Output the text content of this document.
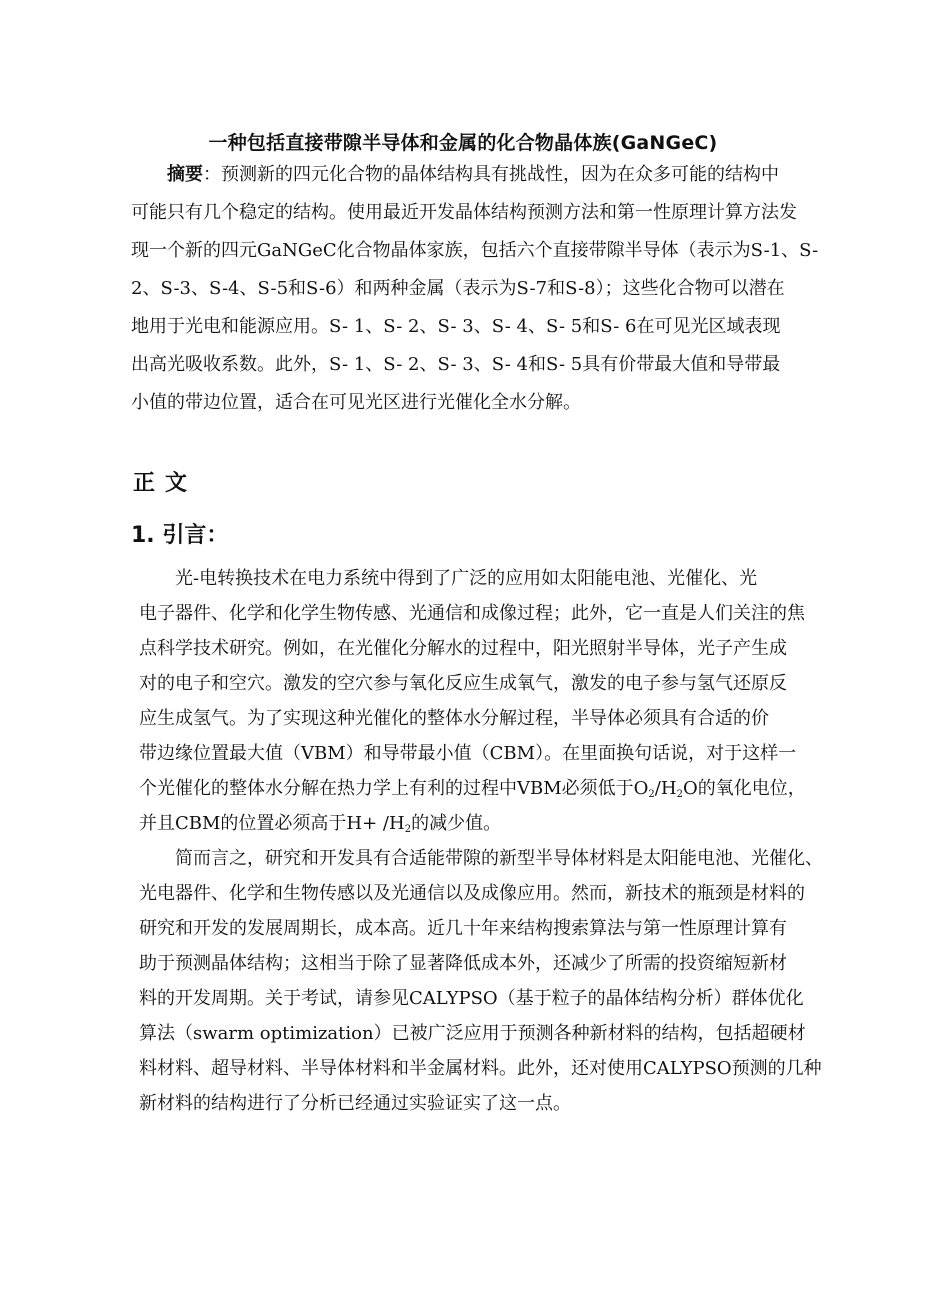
一种包括直接带隙半导体和金属的化合物晶体族(GaNGeC)
摘要：预测新的四元化合物的晶体结构具有挑战性，因为在众多可能的结构中
可能只有几个稳定的结构。使用最近开发晶体结构预测方法和第一性原理计算方法发
现一个新的四元GaNGeC化合物晶体家族，包括六个直接带隙半导体（表示为S-1、S-
2、S-3、S-4、S-5和S-6）和两种金属（表示为S-7和S-8）；这些化合物可以潜在
地用于光电和能源应用。S- 1、S- 2、S- 3、S- 4、S- 5和S- 6在可见光区域表现
出高光吸收系数。此外，S- 1、S- 2、S- 3、S- 4和S- 5具有价带最大值和导带最
小值的带边位置，适合在可见光区进行光催化全水分解。
正文
1. 引言：
光-电转换技术在电力系统中得到了广泛的应用如太阳能电池、光催化、光
电子器件、化学和化学生物传感、光通信和成像过程；此外，它一直是人们关注的焦
点科学技术研究。例如，在光催化分解水的过程中，阳光照射半导体，光子产生成
对的电子和空穴。激发的空穴参与氧化反应生成氧气，激发的电子参与氢气还原反
应生成氢气。为了实现这种光催化的整体水分解过程，半导体必须具有合适的价
带边缘位置最大值（VBM）和导带最小值（CBM）。在里面换句话说，对于这样一
个光催化的整体水分解在热力学上有利的过程中VBM必须低于$O_2/H_2O$的氧化电位，
并且CBM的位置必须高于$H+ /H_2$的减少值。
简而言之，研究和开发具有合适能带隙的新型半导体材料是太阳能电池、光催化、
光电器件、化学和生物传感以及光通信以及成像应用。然而，新技术的瓶颈是材料的
研究和开发的发展周期长，成本高。近几十年来结构搜索算法与第一性原理计算有
助于预测晶体结构；这相当于除了显著降低成本外，还减少了所需的投资缩短新材
料的开发周期。关于考试，请参见CALYPSO（基于粒子的晶体结构分析）群体优化
算法（swarm optimization）已被广泛应用于预测各种新材料的结构，包括超硬材
料材料、超导材料、半导体材料和半金属材料。此外，还对使用CALYPSO预测的几种
新材料的结构进行了分析已经通过实验证实了这一点。
